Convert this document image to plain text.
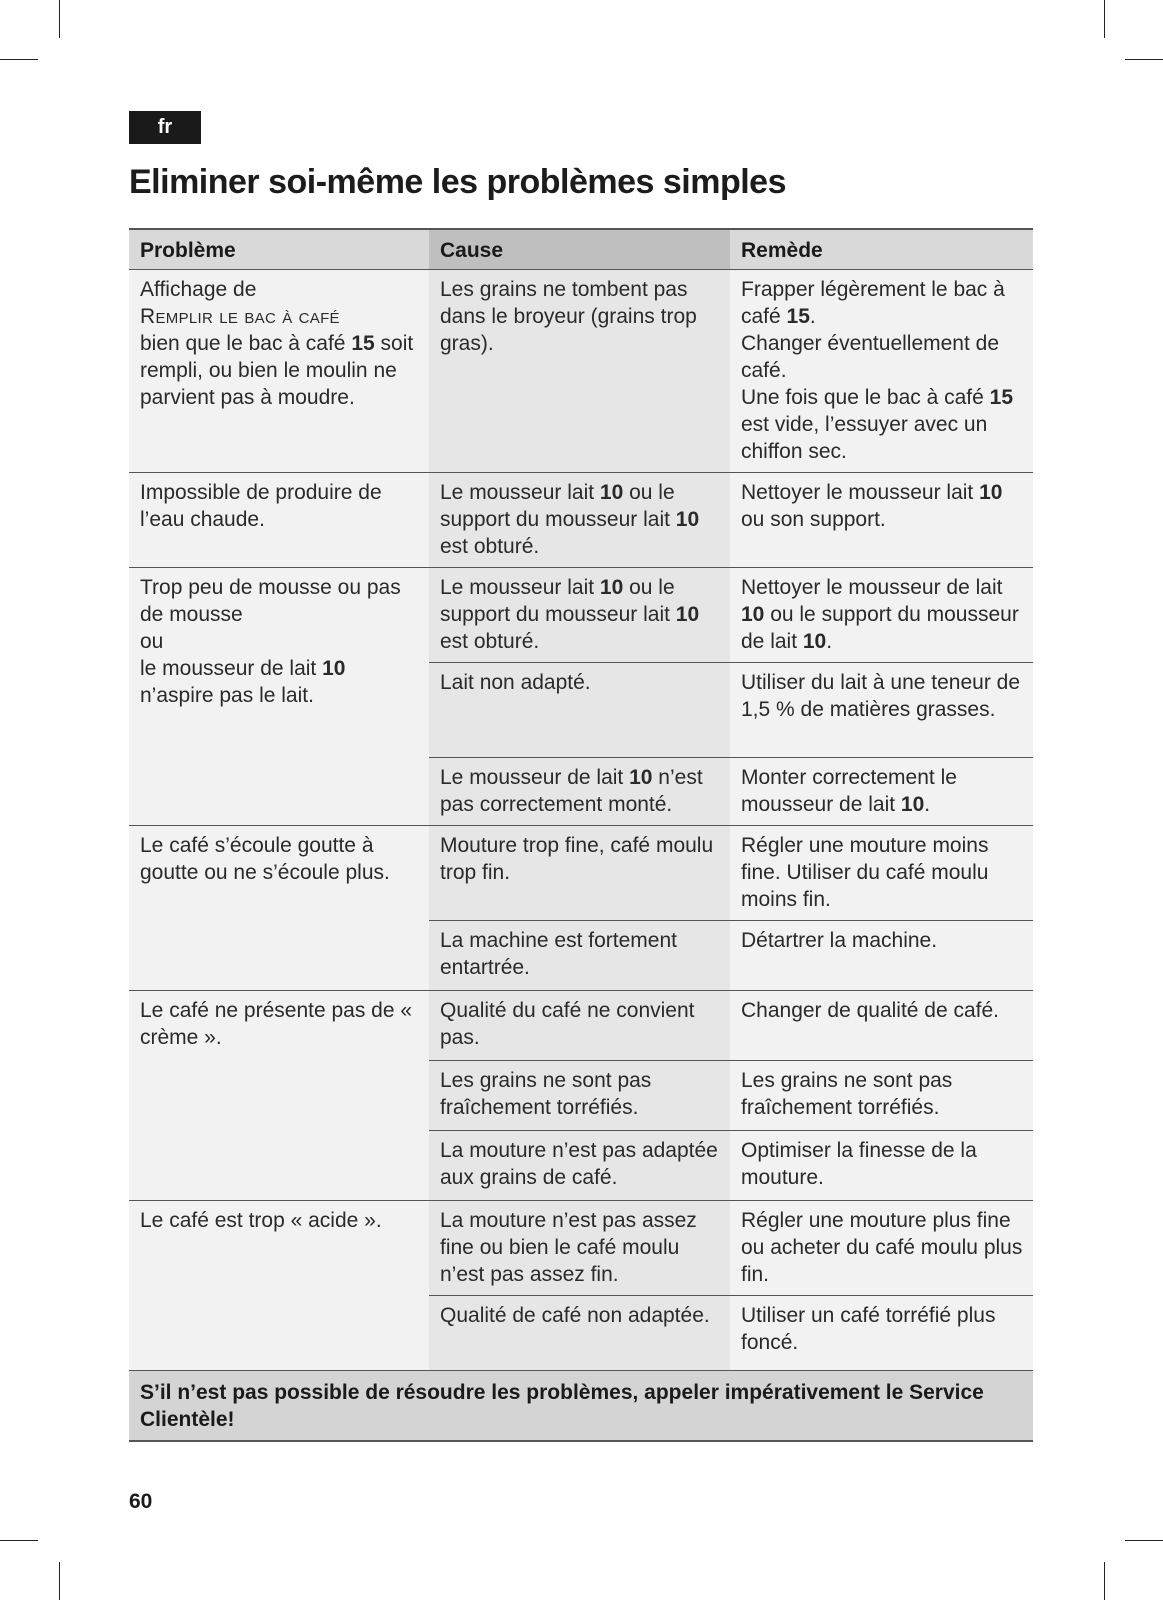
fr
Eliminer soi-même les problèmes simples
Problème	Cause	Remède
Affichage de
Remplir le bac à café
bien que le bac à café 15 soit rempli, ou bien le moulin ne parvient pas à moudre.	Les grains ne tombent pas dans le broyeur (grains trop gras).	Frapper légèrement le bac à café 15.
Changer éventuellement de café.
Une fois que le bac à café 15 est vide, l’essuyer avec un chiffon sec.
Impossible de produire de l’eau chaude.	Le mousseur lait 10 ou le support du mousseur lait 10 est obturé.	Nettoyer le mousseur lait 10 ou son support.
Trop peu de mousse ou pas de mousse
ou
le mousseur de lait 10 n’aspire pas le lait.	Le mousseur lait 10 ou le support du mousseur lait 10 est obturé.	Nettoyer le mousseur de lait 10 ou le support du mousseur de lait 10.
	Lait non adapté.	Utiliser du lait à une teneur de 1,5 % de matières grasses.
	Le mousseur de lait 10 n’est pas correctement monté.	Monter correctement le mousseur de lait 10.
Le café s’écoule goutte à goutte ou ne s’écoule plus.	Mouture trop fine, café moulu trop fin.	Régler une mouture moins fine. Utiliser du café moulu moins fin.
	La machine est fortement entartrée.	Détartrer la machine.
Le café ne présente pas de « crème ».	Qualité du café ne convient pas.	Changer de qualité de café.
	Les grains ne sont pas fraîchement torréfiés.	Les grains ne sont pas fraîchement torréfiés.
	La mouture n’est pas adaptée aux grains de café.	Optimiser la finesse de la mouture.
Le café est trop « acide ».	La mouture n’est pas assez fine ou bien le café moulu n’est pas assez fin.	Régler une mouture plus fine ou acheter du café moulu plus fin.
	Qualité de café non adaptée.	Utiliser un café torréfié plus foncé.
S’il n’est pas possible de résoudre les problèmes, appeler impérativement le Service Clientèle!		
60
